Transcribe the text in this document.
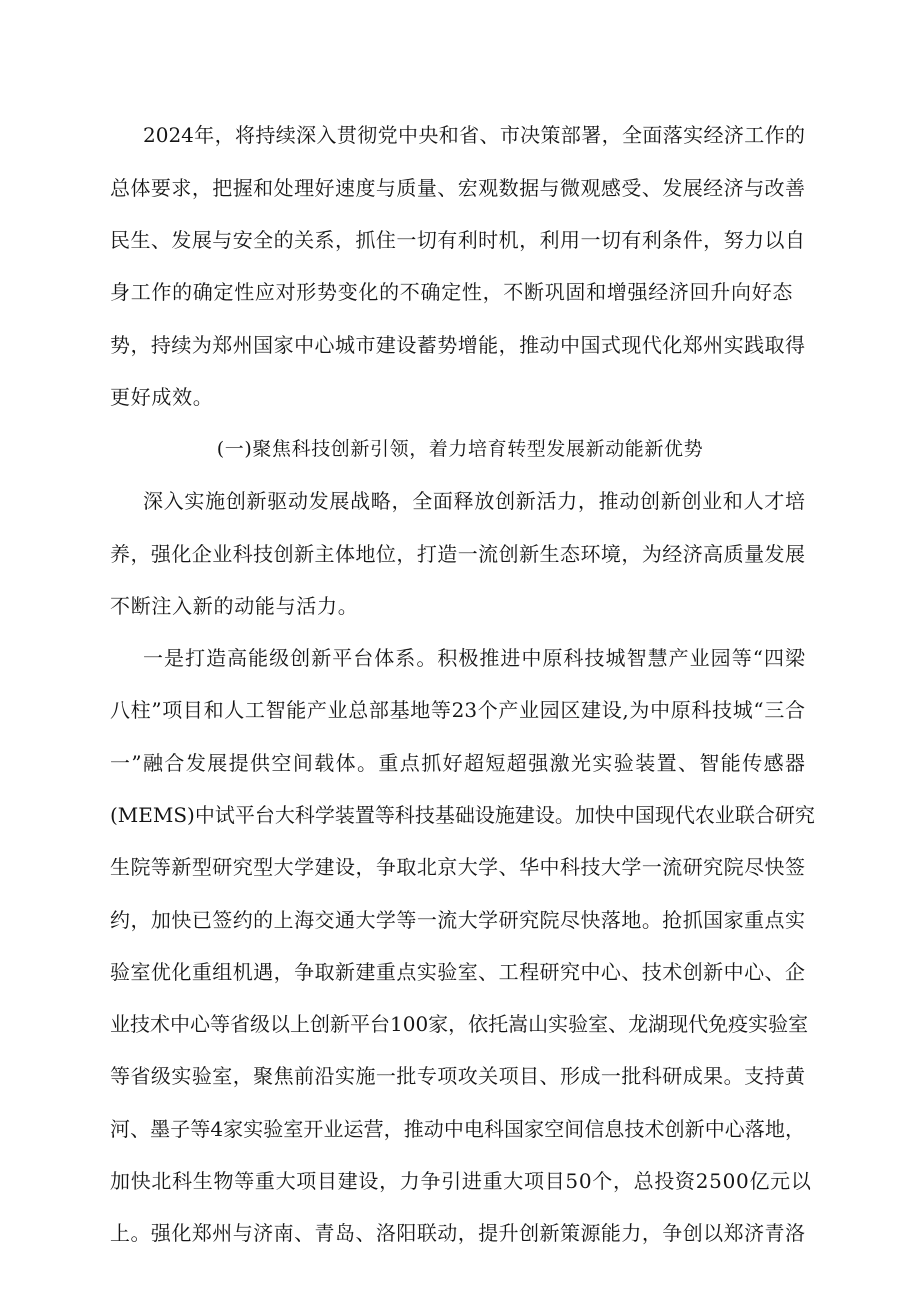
2024年，将持续深入贯彻党中央和省、市决策部署，全面落实经济工作的
总体要求，把握和处理好速度与质量、宏观数据与微观感受、发展经济与改善
民生、发展与安全的关系，抓住一切有利时机，利用一切有利条件，努力以自
身工作的确定性应对形势变化的不确定性，不断巩固和增强经济回升向好态
势，持续为郑州国家中心城市建设蓄势增能，推动中国式现代化郑州实践取得
更好成效。
(一)聚焦科技创新引领，着力培育转型发展新动能新优势
深入实施创新驱动发展战略，全面释放创新活力，推动创新创业和人才培
养，强化企业科技创新主体地位，打造一流创新生态环境，为经济高质量发展
不断注入新的动能与活力。
一是打造高能级创新平台体系。积极推进中原科技城智慧产业园等“四梁
八柱”项目和人工智能产业总部基地等23个产业园区建设,为中原科技城“三合
一”融合发展提供空间载体。重点抓好超短超强激光实验装置、智能传感器
(MEMS)中试平台大科学装置等科技基础设施建设。加快中国现代农业联合研究
生院等新型研究型大学建设，争取北京大学、华中科技大学一流研究院尽快签
约，加快已签约的上海交通大学等一流大学研究院尽快落地。抢抓国家重点实
验室优化重组机遇，争取新建重点实验室、工程研究中心、技术创新中心、企
业技术中心等省级以上创新平台100家，依托嵩山实验室、龙湖现代免疫实验室
等省级实验室，聚焦前沿实施一批专项攻关项目、形成一批科研成果。支持黄
河、墨子等4家实验室开业运营，推动中电科国家空间信息技术创新中心落地，
加快北科生物等重大项目建设，力争引进重大项目50个，总投资2500亿元以
上。强化郑州与济南、青岛、洛阳联动，提升创新策源能力，争创以郑济青洛
